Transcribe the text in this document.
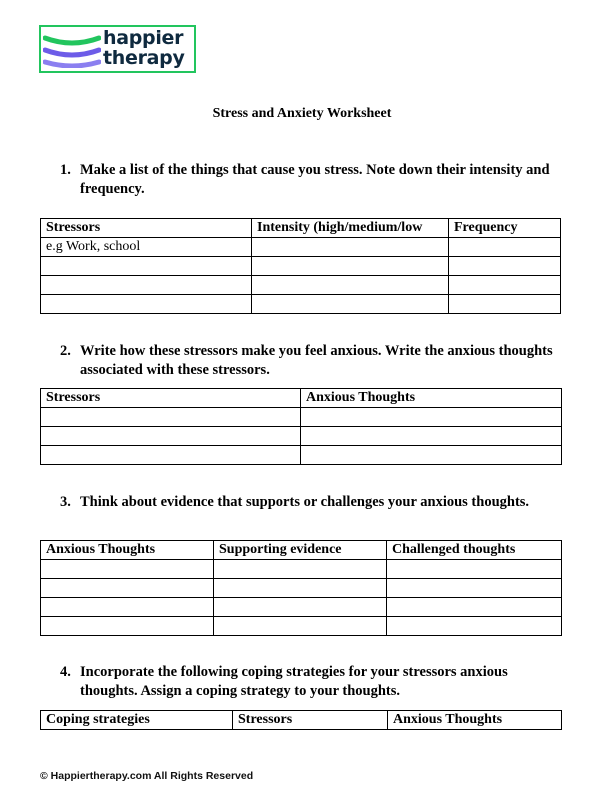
happier
therapy
Stress and Anxiety Worksheet
1. Make a list of the things that cause you stress. Note down their intensity and frequency.
Stressors	Intensity (high/medium/low	Frequency
e.g Work, school		

2. Write how these stressors make you feel anxious. Write the anxious thoughts associated with these stressors.
Stressors	Anxious Thoughts

3. Think about evidence that supports or challenges your anxious thoughts.
Anxious Thoughts	Supporting evidence	Challenged thoughts

4. Incorporate the following coping strategies for your stressors anxious thoughts. Assign a coping strategy to your thoughts.
Coping strategies	Stressors	Anxious Thoughts
© Happiertherapy.com All Rights Reserved
